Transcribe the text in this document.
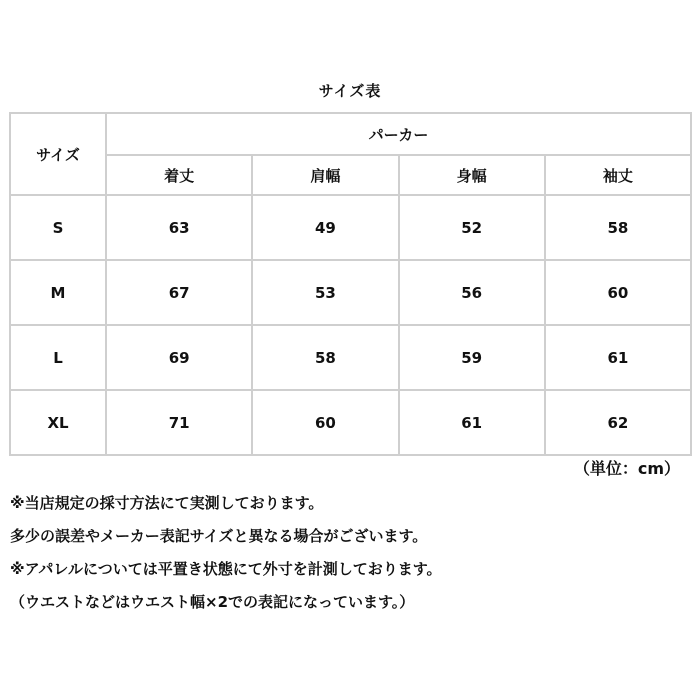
サイズ表
サイズ	パーカー			
	着丈	肩幅	身幅	袖丈
S	63	49	52	58
M	67	53	56	60
L	69	58	59	61
XL	71	60	61	62
（単位：cm）
※当店規定の採寸方法にて実測しております。
多少の誤差やメーカー表記サイズと異なる場合がございます。
※アパレルについては平置き状態にて外寸を計測しております。
（ウエストなどはウエスト幅×2での表記になっています。）
